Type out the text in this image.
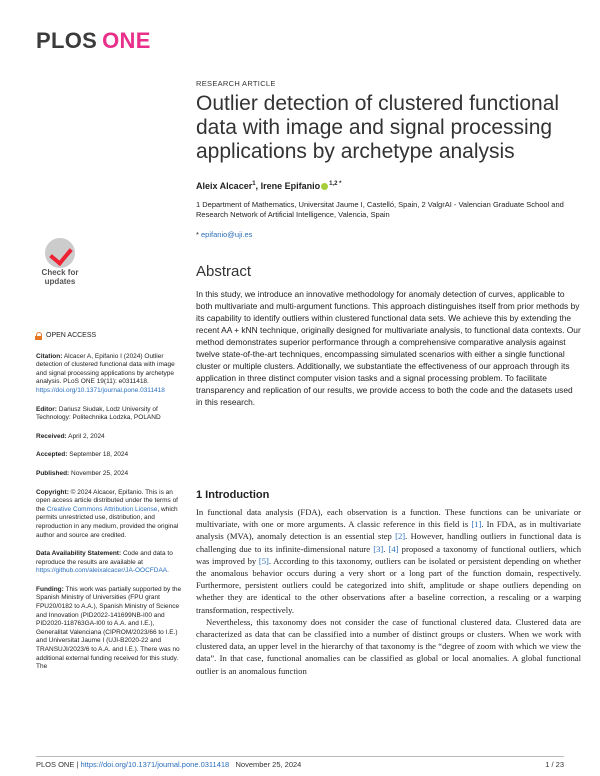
PLOS ONE
RESEARCH ARTICLE
Outlier detection of clustered functional data with image and signal processing applications by archetype analysis
Aleix Alcacer$^1$, Irene Epifanio $^{1,2 *}$
1 Department of Mathematics, Universitat Jaume I, Castelló, Spain, 2 ValgrAI - Valencian Graduate School and Research Network of Artificial Intelligence, Valencia, Spain
* epifanio@uji.es
Check for
updates
Abstract

In this study, we introduce an innovative methodology for anomaly detection of curves, applicable to both multivariate and multi-argument functions. This approach distinguishes itself from prior methods by its capability to identify outliers within clustered functional data sets. We achieve this by extending the recent AA + kNN technique, originally designed for multivariate analysis, to functional data contexts. Our method demonstrates superior performance through a comprehensive comparative analysis against twelve state-of-the-art techniques, encompassing simulated scenarios with either a single functional cluster or multiple clusters. Additionally, we substantiate the effectiveness of our approach through its application in three distinct computer vision tasks and a signal processing problem. To facilitate transparency and replication of our results, we provide access to both the code and the datasets used in this research.

OPEN ACCESS
Citation: Alcacer A, Epifanio I (2024) Outlier detection of clustered functional data with image and signal processing applications by archetype analysis. PLoS ONE 19(11): e0311418. https://doi.org/10.1371/journal.pone.0311418
Editor: Dariusz Siudak, Lodz University of Technology: Politechnika Lodzka, POLAND
Received: April 2, 2024
Accepted: September 18, 2024
Published: November 25, 2024
Copyright: © 2024 Alcacer, Epifanio. This is an open access article distributed under the terms of the Creative Commons Attribution License, which permits unrestricted use, distribution, and reproduction in any medium, provided the original author and source are credited.
Data Availability Statement: Code and data to reproduce the results are available at https://github.com/aleixalcacer/JA-OOCFDAA.
Funding: This work was partially supported by the Spanish Ministry of Universities (FPU grant FPU20/0182 to A.A.), Spanish Ministry of Science and Innovation (PID2022-141699NB-I00 and PID2020-118763GA-I00 to A.A. and I.E.), Generalitat Valenciana (CIPROM/2023/66 to I.E.) and Universitat Jaume I (UJI-B2020-22 and TRANSUJI/2023/6 to A.A. and I.E.). There was no additional external funding received for this study. The
1 Introduction

In functional data analysis (FDA), each observation is a function. These functions can be univariate or multivariate, with one or more arguments. A classic reference in this field is [1]. In FDA, as in multivariate analysis (MVA), anomaly detection is an essential step [2]. However, handling outliers in functional data is challenging due to its infinite-dimensional nature [3]. [4] proposed a taxonomy of functional outliers, which was improved by [5]. According to this taxonomy, outliers can be isolated or persistent depending on whether the anomalous behavior occurs during a very short or a long part of the function domain, respectively. Furthermore, persistent outliers could be categorized into shift, amplitude or shape outliers depending on whether they are identical to the other observations after a baseline correction, a rescaling or a warping transformation, respectively.

Nevertheless, this taxonomy does not consider the case of functional clustered data. Clustered data are characterized as data that can be classified into a number of distinct groups or clusters. When we work with clustered data, an upper level in the hierarchy of that taxonomy is the “degree of zoom with which we view the data”. In that case, functional anomalies can be classified as global or local anomalies. A global functional outlier is an anomalous function

PLOS ONE | https://doi.org/10.1371/journal.pone.0311418 November 25, 2024	1 / 23
